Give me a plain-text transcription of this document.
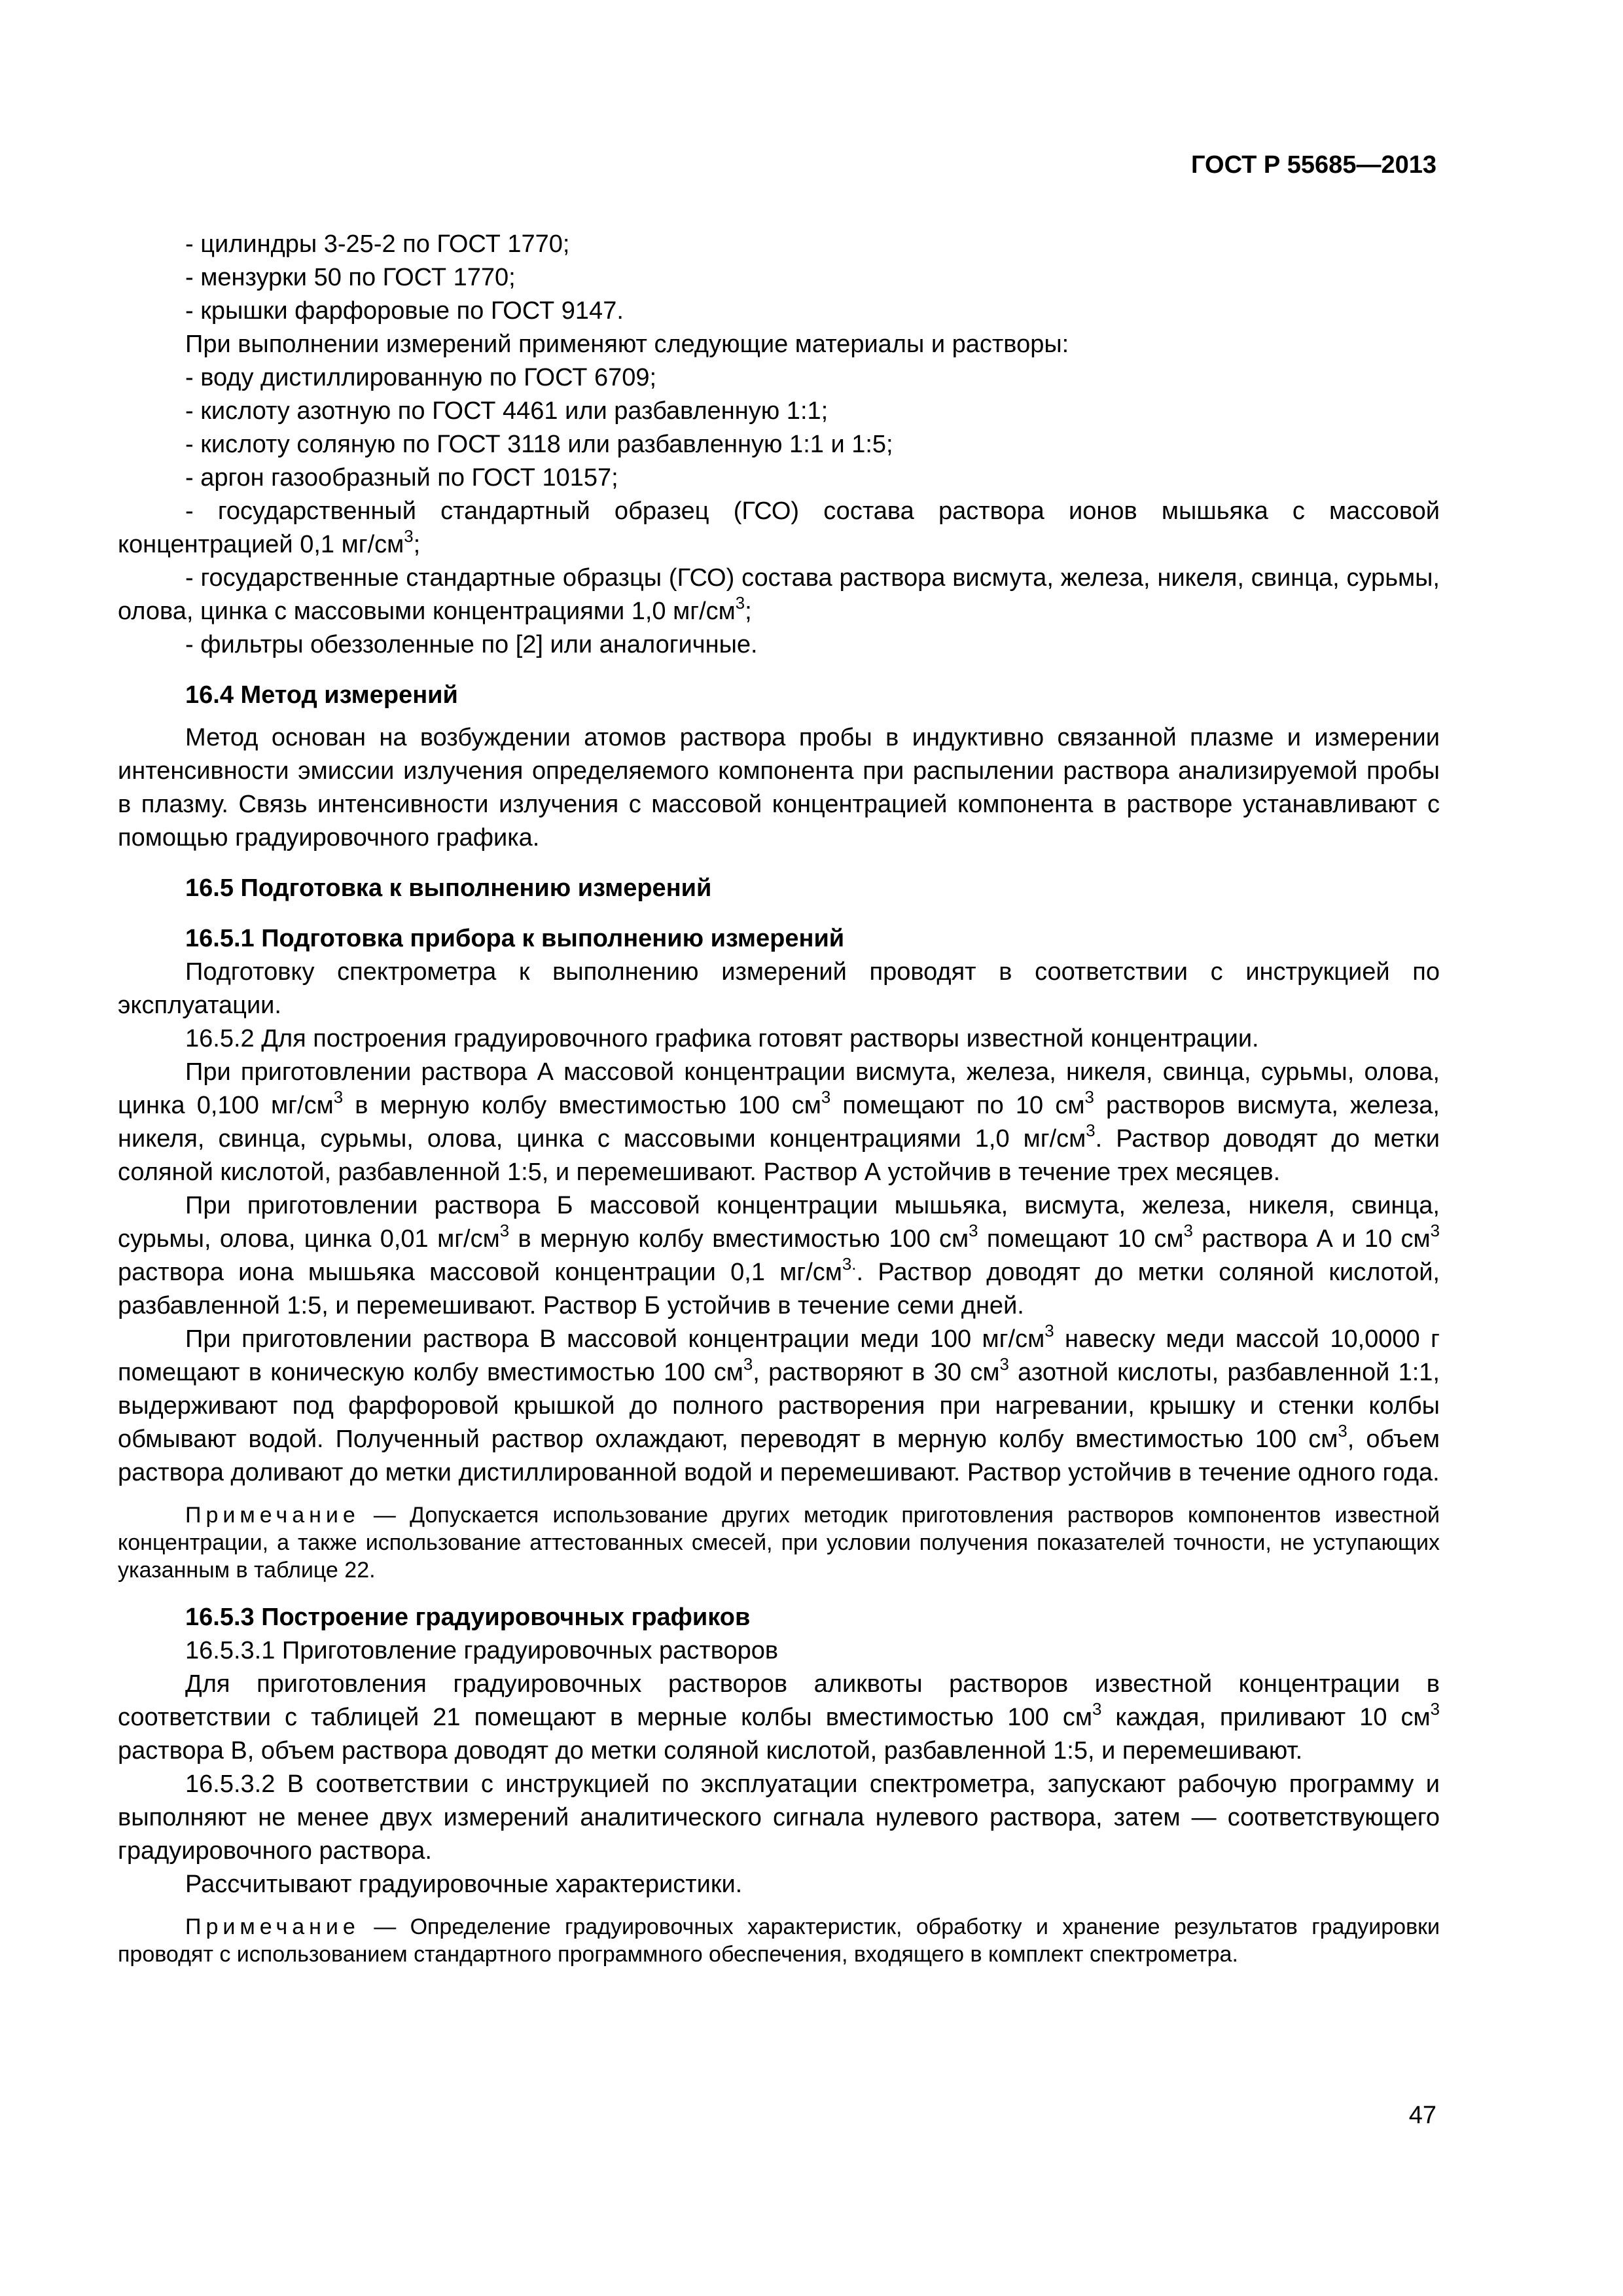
ГОСТ Р 55685—2013

- цилиндры 3-25-2 по ГОСТ 1770;

- мензурки 50 по ГОСТ 1770;

- крышки фарфоровые по ГОСТ 9147.

При выполнении измерений применяют следующие материалы и растворы:

- воду дистиллированную по ГОСТ 6709;

- кислоту азотную по ГОСТ 4461 или разбавленную 1:1;

- кислоту соляную по ГОСТ 3118 или разбавленную 1:1 и 1:5;

- аргон газообразный по ГОСТ 10157;

- государственный стандартный образец (ГСО) состава раствора ионов мышьяка с массовой концентрацией 0,1 $мг/см^3$;

- государственные стандартные образцы (ГСО) состава раствора висмута, железа, никеля, свинца, сурьмы, олова, цинка с массовыми концентрациями 1,0 $мг/см^3$;

- фильтры обеззоленные по [2] или аналогичные.

16.4 Метод измерений

Метод основан на возбуждении атомов раствора пробы в индуктивно связанной плазме и измерении интенсивности эмиссии излучения определяемого компонента при распылении раствора анализируемой пробы в плазму. Связь интенсивности излучения с массовой концентрацией компонента в растворе устанавливают с помощью градуировочного графика.

16.5 Подготовка к выполнению измерений

16.5.1 Подготовка прибора к выполнению измерений

Подготовку спектрометра к выполнению измерений проводят в соответствии с инструкцией по эксплуатации.

16.5.2 Для построения градуировочного графика готовят растворы известной концентрации.

При приготовлении раствора А массовой концентрации висмута, железа, никеля, свинца, сурьмы, олова, цинка 0,100 $мг/см^3$ в мерную колбу вместимостью 100 $см^3$ помещают по 10 $см^3$ растворов висмута, железа, никеля, свинца, сурьмы, олова, цинка с массовыми концентрациями 1,0 $мг/см^3$. Раствор доводят до метки соляной кислотой, разбавленной 1:5, и перемешивают. Раствор А устойчив в течение трех месяцев.

При приготовлении раствора Б массовой концентрации мышьяка, висмута, железа, никеля, свинца, сурьмы, олова, цинка 0,01 $мг/см^3$ в мерную колбу вместимостью 100 $см^3$ помещают 10 $см^3$ раствора А и 10 $см^3$ раствора иона мышьяка массовой концентрации 0,1 $мг/см^{3.}$. Раствор доводят до метки соляной кислотой, разбавленной 1:5, и перемешивают. Раствор Б устойчив в течение семи дней.

При приготовлении раствора В массовой концентрации меди 100 $мг/см^3$ навеску меди массой 10,0000 г помещают в коническую колбу вместимостью 100 $см^3$, растворяют в 30 $см^3$ азотной кислоты, разбавленной 1:1, выдерживают под фарфоровой крышкой до полного растворения при нагревании, крышку и стенки колбы обмывают водой. Полученный раствор охлаждают, переводят в мерную колбу вместимостью 100 $см^3$, объем раствора доливают до метки дистиллированной водой и перемешивают. Раствор устойчив в течение одного года.

Примечание — Допускается использование других методик приготовления растворов компонентов известной концентрации, а также использование аттестованных смесей, при условии получения показателей точности, не уступающих указанным в таблице 22.

16.5.3 Построение градуировочных графиков

16.5.3.1 Приготовление градуировочных растворов

Для приготовления градуировочных растворов аликвоты растворов известной концентрации в соответствии с таблицей 21 помещают в мерные колбы вместимостью 100 $см^3$ каждая, приливают 10 $см^3$ раствора В, объем раствора доводят до метки соляной кислотой, разбавленной 1:5, и перемешивают.

16.5.3.2 В соответствии с инструкцией по эксплуатации спектрометра, запускают рабочую программу и выполняют не менее двух измерений аналитического сигнала нулевого раствора, затем — соответствующего градуировочного раствора.

Рассчитывают градуировочные характеристики.

Примечание — Определение градуировочных характеристик, обработку и хранение результатов градуировки проводят с использованием стандартного программного обеспечения, входящего в комплект спектрометра.

47
